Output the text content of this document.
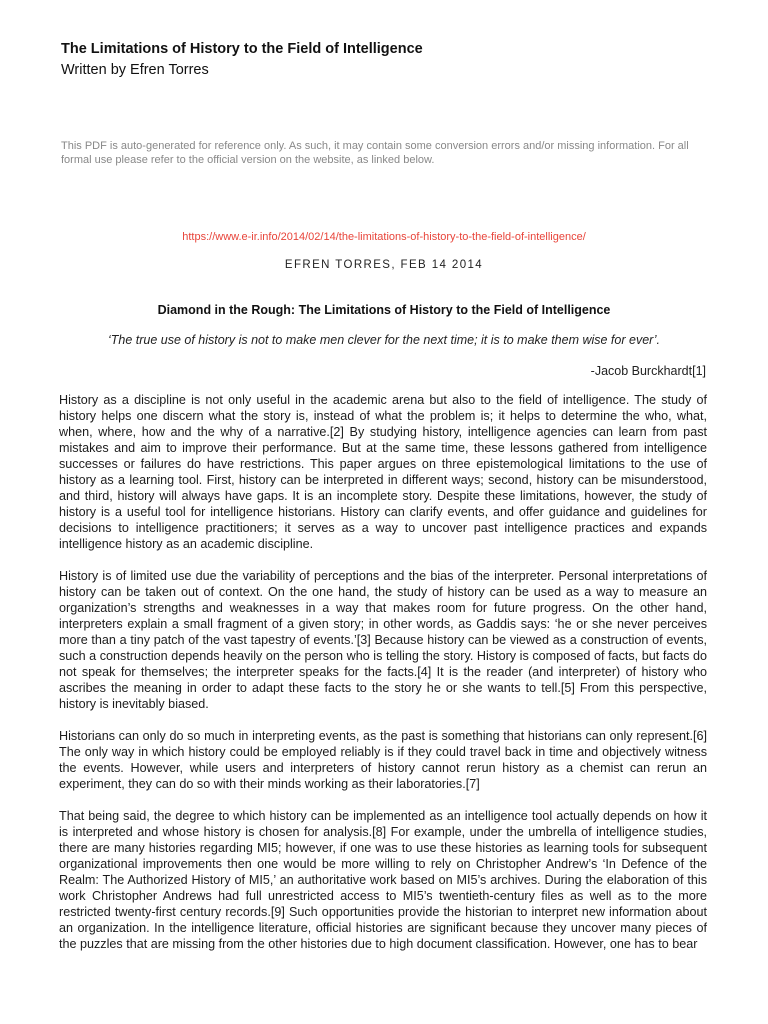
The Limitations of History to the Field of Intelligence
Written by Efren Torres

This PDF is auto-generated for reference only. As such, it may contain some conversion errors and/or missing information. For all formal use please refer to the official version on the website, as linked below.

https://www.e-ir.info/2014/02/14/the-limitations-of-history-to-the-field-of-intelligence/
EFREN TORRES, FEB 14 2014
Diamond in the Rough: The Limitations of History to the Field of Intelligence
‘The true use of history is not to make men clever for the next time; it is to make them wise for ever’.
-Jacob Burckhardt[1]

History as a discipline is not only useful in the academic arena but also to the field of intelligence. The study of history helps one discern what the story is, instead of what the problem is; it helps to determine the who, what, when, where, how and the why of a narrative.[2] By studying history, intelligence agencies can learn from past mistakes and aim to improve their performance. But at the same time, these lessons gathered from intelligence successes or failures do have restrictions. This paper argues on three epistemological limitations to the use of history as a learning tool. First, history can be interpreted in different ways; second, history can be misunderstood, and third, history will always have gaps. It is an incomplete story. Despite these limitations, however, the study of history is a useful tool for intelligence historians. History can clarify events, and offer guidance and guidelines for decisions to intelligence practitioners; it serves as a way to uncover past intelligence practices and expands intelligence history as an academic discipline.

History is of limited use due the variability of perceptions and the bias of the interpreter. Personal interpretations of history can be taken out of context. On the one hand, the study of history can be used as a way to measure an organization’s strengths and weaknesses in a way that makes room for future progress. On the other hand, interpreters explain a small fragment of a given story; in other words, as Gaddis says: ‘he or she never perceives more than a tiny patch of the vast tapestry of events.’[3] Because history can be viewed as a construction of events, such a construction depends heavily on the person who is telling the story. History is composed of facts, but facts do not speak for themselves; the interpreter speaks for the facts.[4] It is the reader (and interpreter) of history who ascribes the meaning in order to adapt these facts to the story he or she wants to tell.[5] From this perspective, history is inevitably biased.

Historians can only do so much in interpreting events, as the past is something that historians can only represent.[6] The only way in which history could be employed reliably is if they could travel back in time and objectively witness the events. However, while users and interpreters of history cannot rerun history as a chemist can rerun an experiment, they can do so with their minds working as their laboratories.[7]

That being said, the degree to which history can be implemented as an intelligence tool actually depends on how it is interpreted and whose history is chosen for analysis.[8] For example, under the umbrella of intelligence studies, there are many histories regarding MI5; however, if one was to use these histories as learning tools for subsequent organizational improvements then one would be more willing to rely on Christopher Andrew’s ‘In Defence of the Realm: The Authorized History of MI5,’ an authoritative work based on MI5’s archives. During the elaboration of this work Christopher Andrews had full unrestricted access to MI5’s twentieth-century files as well as to the more restricted twenty-first century records.[9] Such opportunities provide the historian to interpret new information about an organization. In the intelligence literature, official histories are significant because they uncover many pieces of the puzzles that are missing from the other histories due to high document classification. However, one has to bear
